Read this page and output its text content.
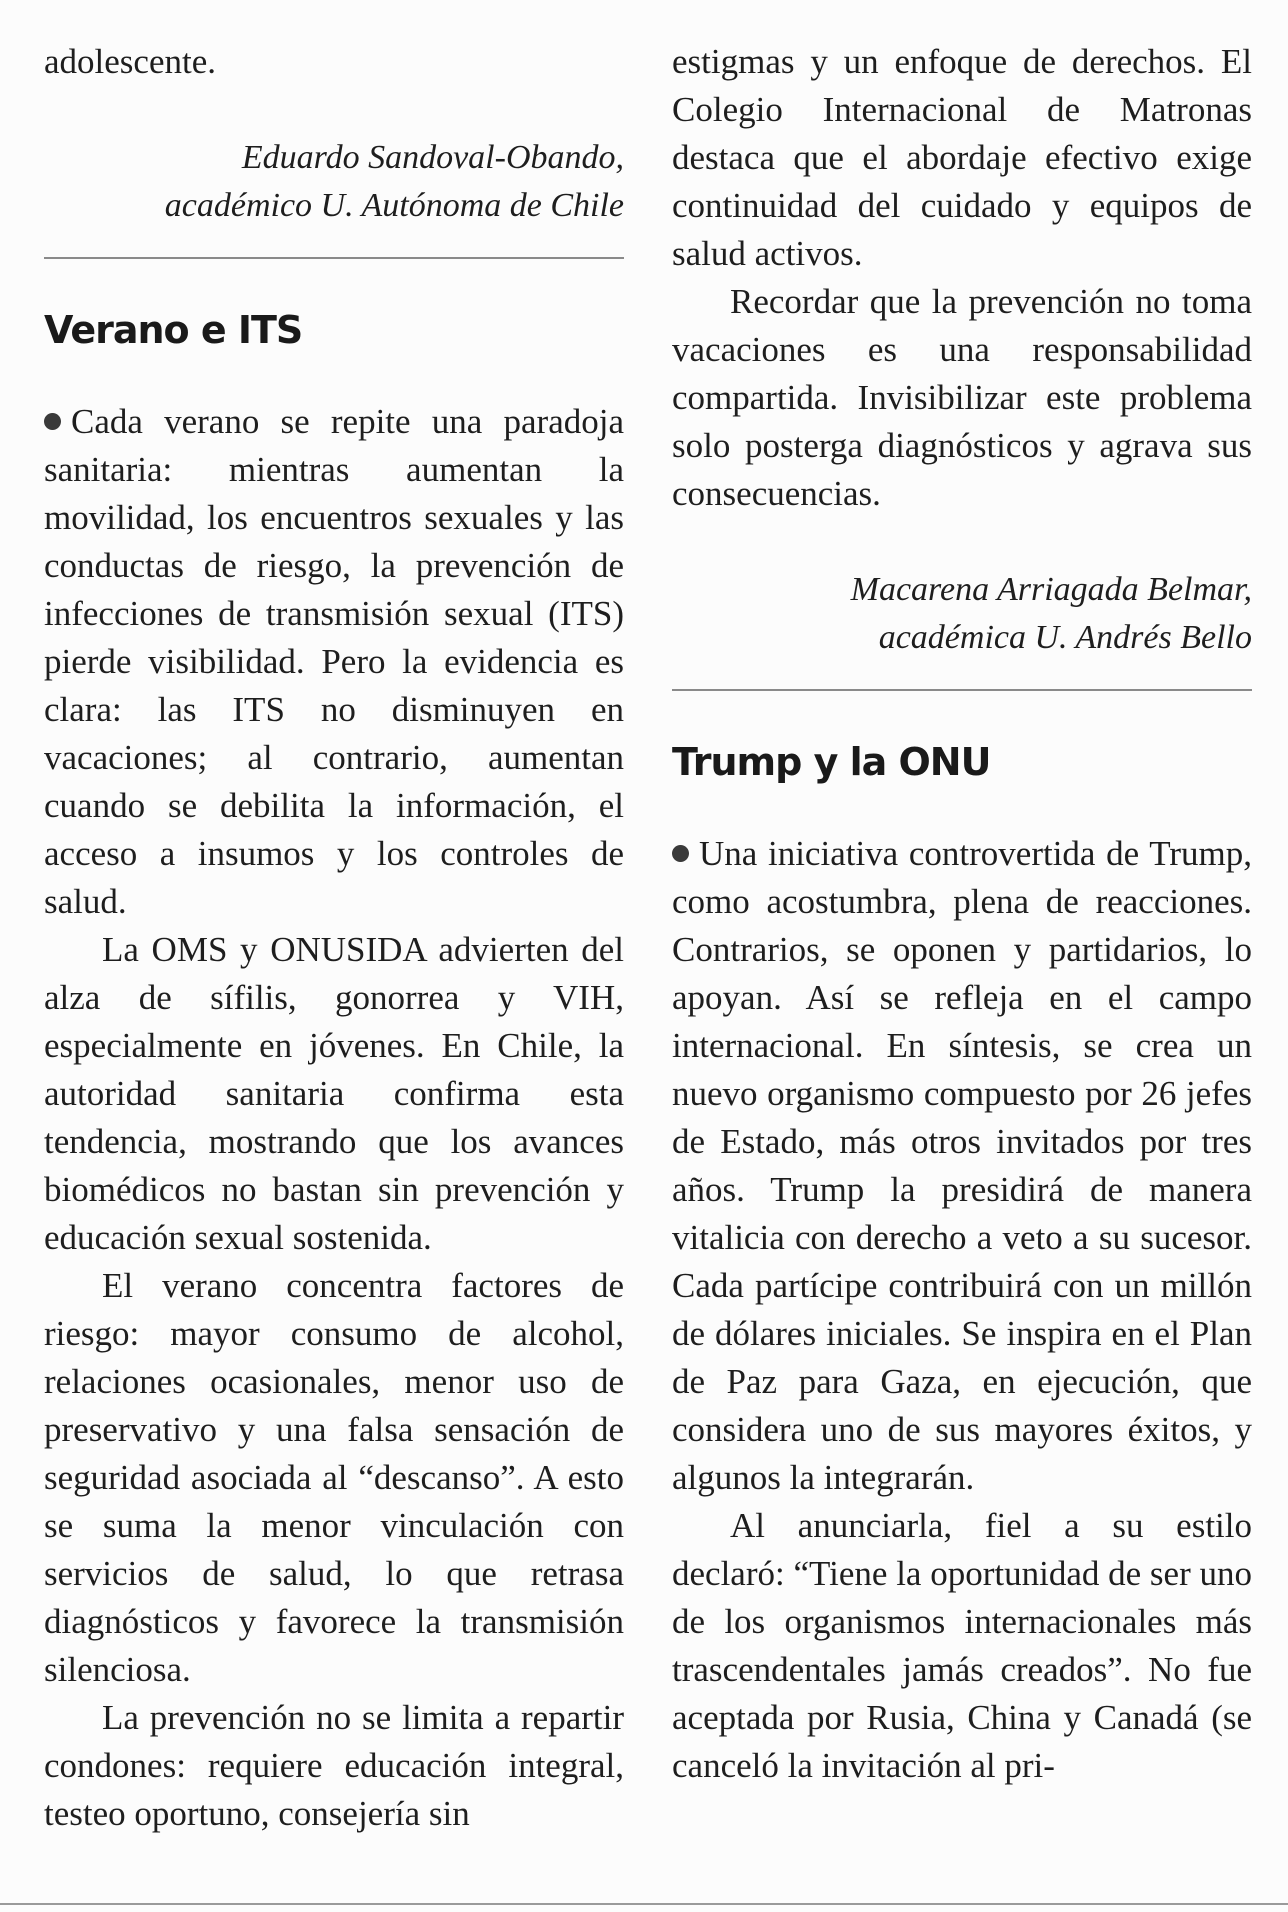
adolescente.

Eduardo Sandoval-Obando,
académico U. Autónoma de Chile
Verano e ITS

Cada verano se repite una paradoja sanitaria: mientras aumentan la movilidad, los encuentros sexuales y las conductas de riesgo, la prevención de infecciones de transmisión sexual (ITS) pierde visibilidad. Pero la evidencia es clara: las ITS no disminuyen en vacaciones; al contrario, aumentan cuando se debilita la información, el acceso a insumos y los controles de salud.

La OMS y ONUSIDA advierten del alza de sífilis, gonorrea y VIH, especialmente en jóvenes. En Chile, la autoridad sanitaria confirma esta tendencia, mostrando que los avances biomédicos no bastan sin prevención y educación sexual sostenida.

El verano concentra factores de riesgo: mayor consumo de alcohol, relaciones ocasionales, menor uso de preservativo y una falsa sensación de seguridad asociada al “descanso”. A esto se suma la menor vinculación con servicios de salud, lo que retrasa diagnósticos y favorece la transmisión silenciosa.

La prevención no se limita a repartir condones: requiere educación integral, testeo oportuno, consejería sin

estigmas y un enfoque de derechos. El Colegio Internacional de Matronas destaca que el abordaje efectivo exige continuidad del cuidado y equipos de salud activos.

Recordar que la prevención no toma vacaciones es una responsabilidad compartida. Invisibilizar este problema solo posterga diagnósticos y agrava sus consecuencias.

Macarena Arriagada Belmar,
académica U. Andrés Bello
Trump y la ONU

Una iniciativa controvertida de Trump, como acostumbra, plena de reacciones. Contrarios, se oponen y partidarios, lo apoyan. Así se refleja en el campo internacional. En síntesis, se crea un nuevo organismo compuesto por 26 jefes de Estado, más otros invitados por tres años. Trump la presidirá de manera vitalicia con derecho a veto a su sucesor. Cada partícipe contribuirá con un millón de dólares iniciales. Se inspira en el Plan de Paz para Gaza, en ejecución, que considera uno de sus mayores éxitos, y algunos la integrarán.

Al anunciarla, fiel a su estilo declaró: “Tiene la oportunidad de ser uno de los organismos internacionales más trascendentales jamás creados”. No fue aceptada por Rusia, China y Canadá (se canceló la invitación al pri-
